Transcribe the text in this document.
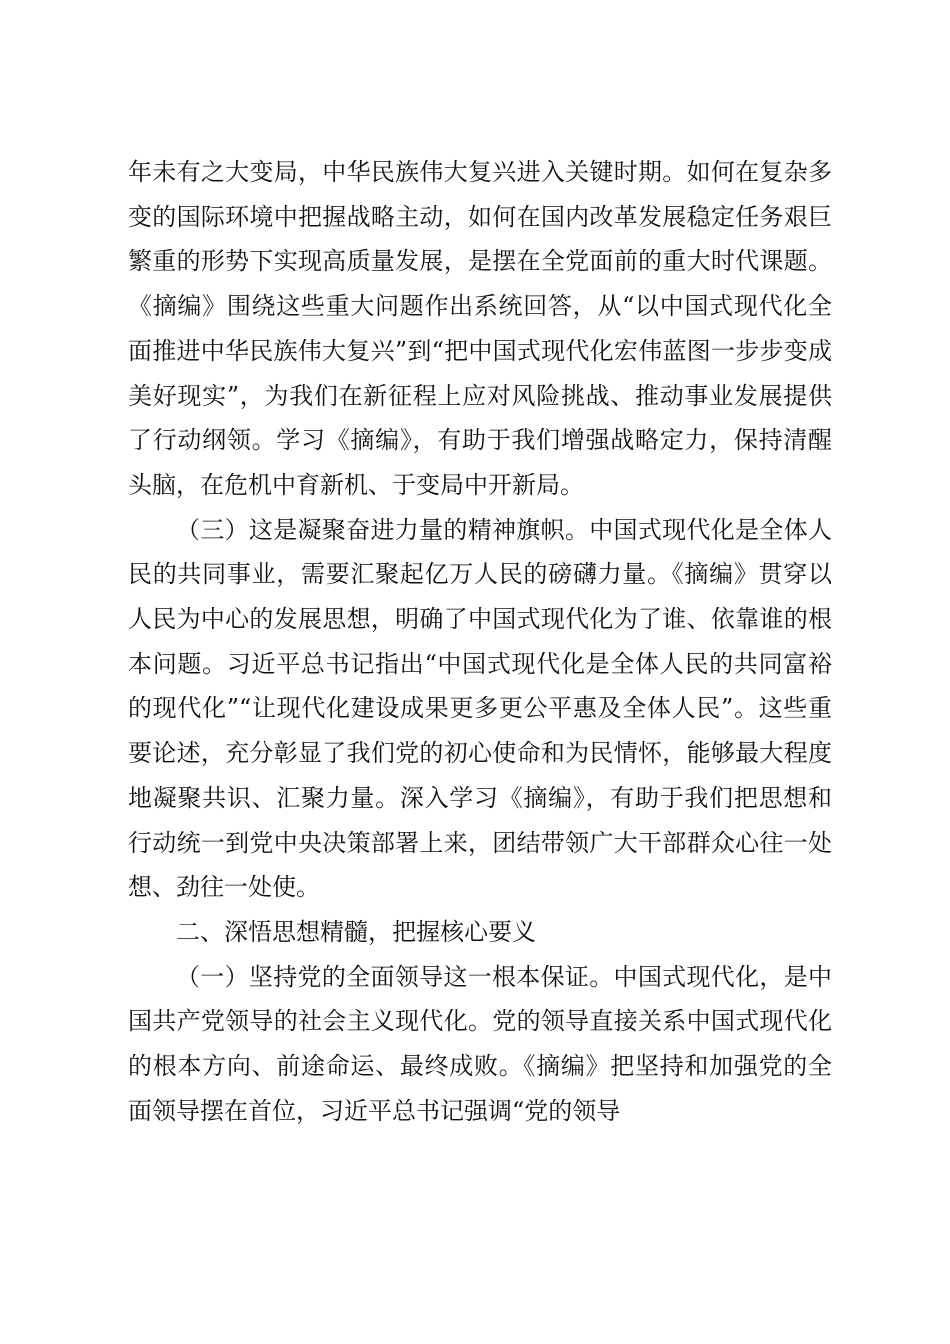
年未有之大变局，中华民族伟大复兴进入关键时期。如何在复杂多变的国际环境中把握战略主动，如何在国内改革发展稳定任务艰巨繁重的形势下实现高质量发展，是摆在全党面前的重大时代课题。《摘编》围绕这些重大问题作出系统回答，从“以中国式现代化全面推进中华民族伟大复兴”到“把中国式现代化宏伟蓝图一步步变成美好现实”，为我们在新征程上应对风险挑战、推动事业发展提供了行动纲领。学习《摘编》，有助于我们增强战略定力，保持清醒头脑，在危机中育新机、于变局中开新局。

（三）这是凝聚奋进力量的精神旗帜。中国式现代化是全体人民的共同事业，需要汇聚起亿万人民的磅礴力量。《摘编》贯穿以人民为中心的发展思想，明确了中国式现代化为了谁、依靠谁的根本问题。习近平总书记指出“中国式现代化是全体人民的共同富裕的现代化”“让现代化建设成果更多更公平惠及全体人民”。这些重要论述，充分彰显了我们党的初心使命和为民情怀，能够最大程度地凝聚共识、汇聚力量。深入学习《摘编》，有助于我们把思想和行动统一到党中央决策部署上来，团结带领广大干部群众心往一处想、劲往一处使。

二、深悟思想精髓，把握核心要义

（一）坚持党的全面领导这一根本保证。中国式现代化，是中国共产党领导的社会主义现代化。党的领导直接关系中国式现代化的根本方向、前途命运、最终成败。《摘编》把坚持和加强党的全面领导摆在首位，习近平总书记强调“党的领导
